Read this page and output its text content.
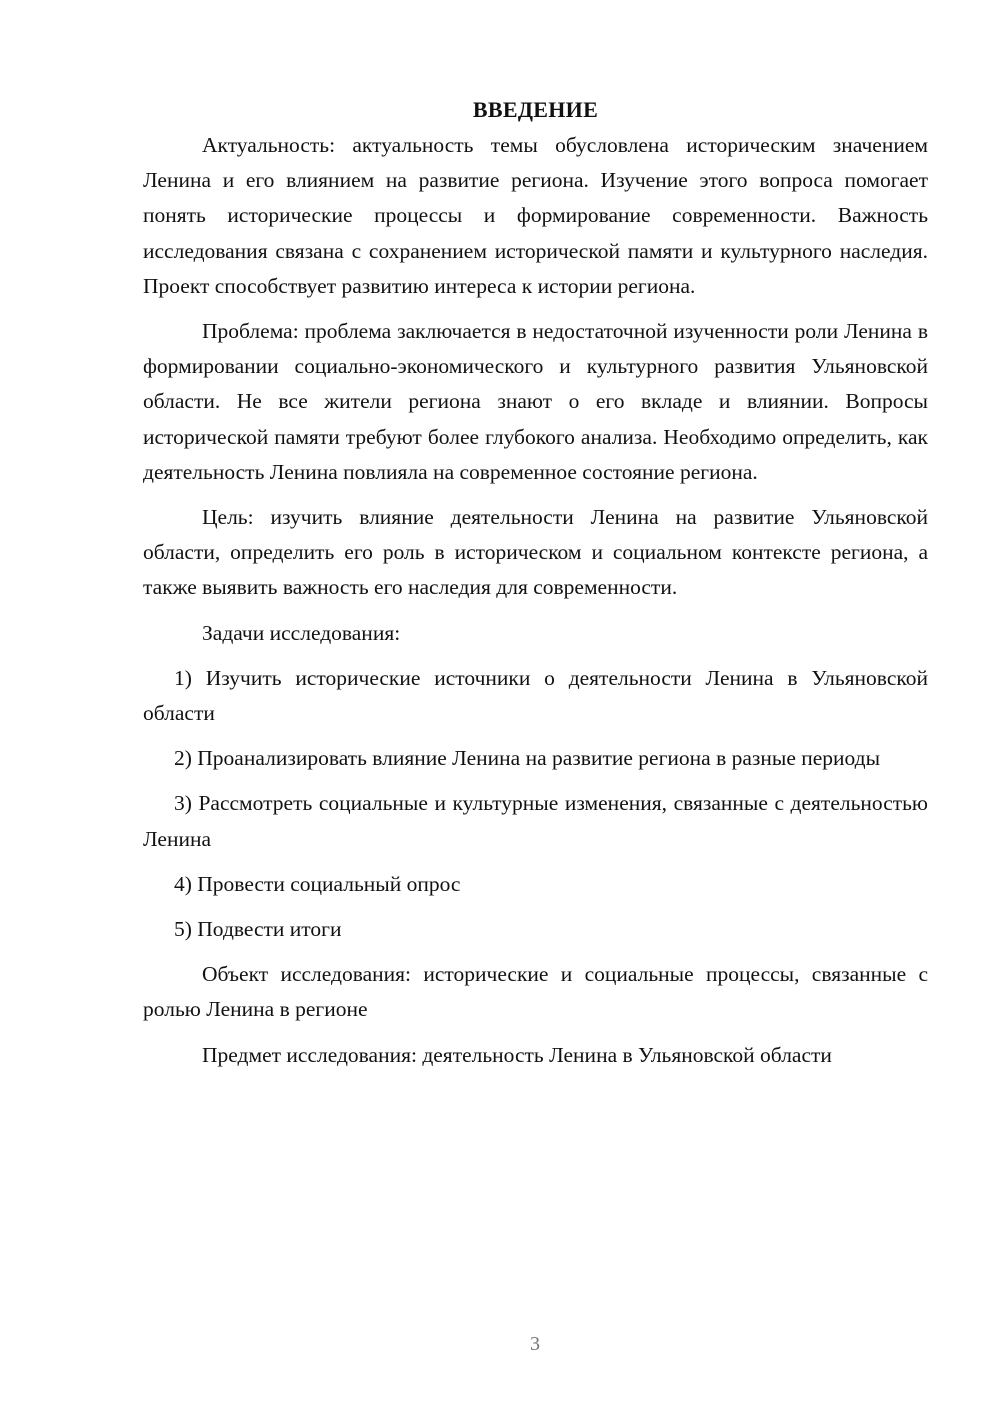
ВВЕДЕНИЕ

Актуальность: актуальность темы обусловлена историческим значением Ленина и его влиянием на развитие региона. Изучение этого вопроса помогает понять исторические процессы и формирование современности. Важность исследования связана с сохранением исторической памяти и культурного наследия. Проект способствует развитию интереса к истории региона.

Проблема: проблема заключается в недостаточной изученности роли Ленина в формировании социально-экономического и культурного развития Ульяновской области. Не все жители региона знают о его вкладе и влиянии. Вопросы исторической памяти требуют более глубокого анализа. Необходимо определить, как деятельность Ленина повлияла на современное состояние региона.

Цель: изучить влияние деятельности Ленина на развитие Ульяновской области, определить его роль в историческом и социальном контексте региона, а также выявить важность его наследия для современности.

Задачи исследования:

1) Изучить исторические источники о деятельности Ленина в Ульяновской области

2) Проанализировать влияние Ленина на развитие региона в разные периоды

3) Рассмотреть социальные и культурные изменения, связанные с деятельностью Ленина

4) Провести социальный опрос

5) Подвести итоги

Объект исследования: исторические и социальные процессы, связанные с ролью Ленина в регионе

Предмет исследования: деятельность Ленина в Ульяновской области

3
